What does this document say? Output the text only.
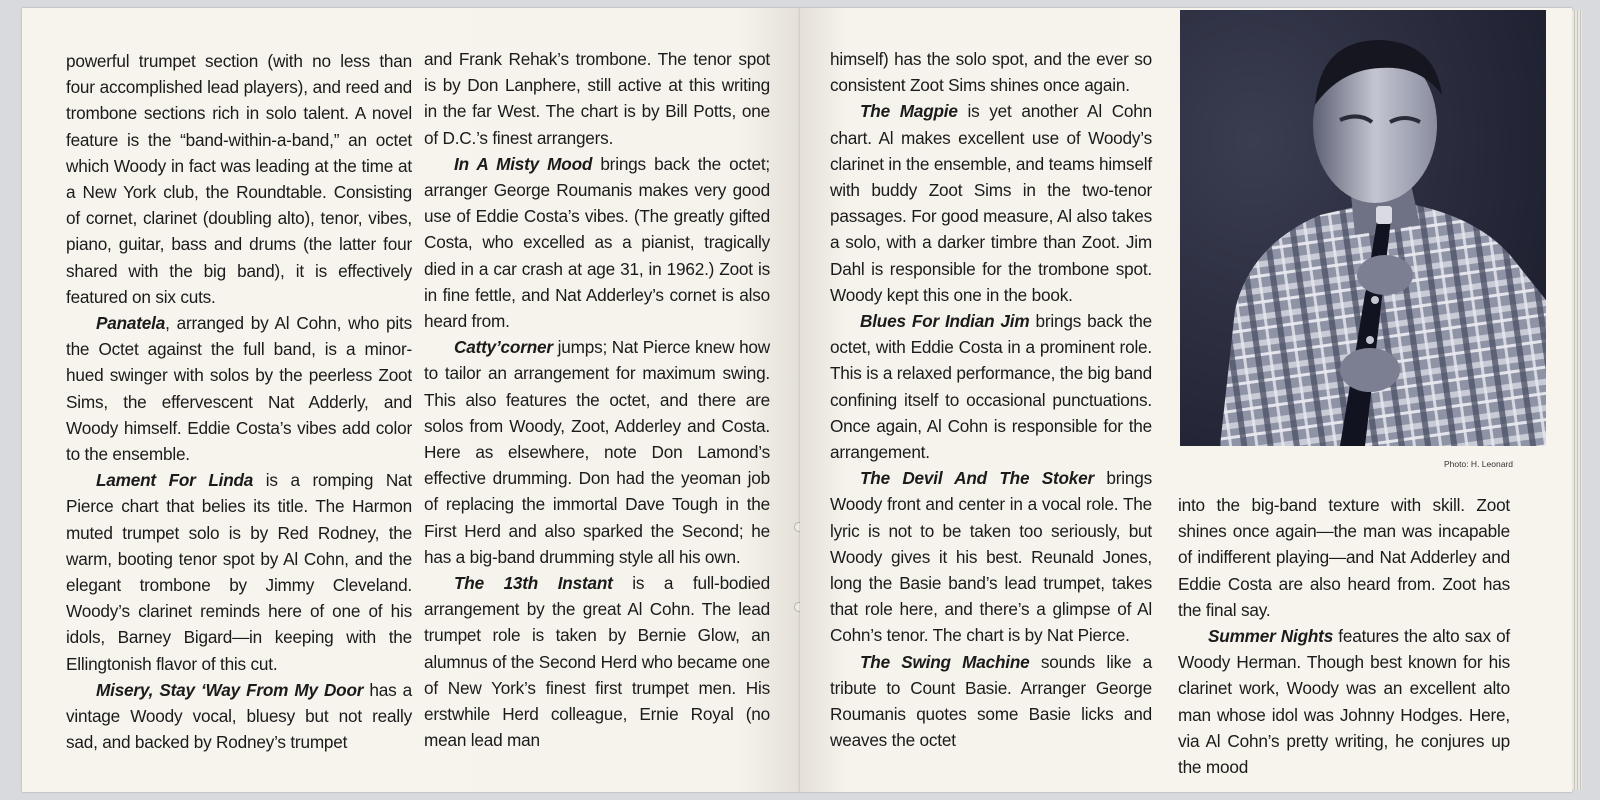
powerful trumpet section (with no less than four accomplished lead players), and reed and trombone sections rich in solo talent. A novel feature is the “band-within-a-band,” an octet which Woody in fact was leading at the time at a New York club, the Roundtable. Consisting of cornet, clarinet (doubling alto), tenor, vibes, piano, guitar, bass and drums (the latter four shared with the big band), it is effectively featured on six cuts.

Panatela, arranged by Al Cohn, who pits the Octet against the full band, is a minor-hued swinger with solos by the peerless Zoot Sims, the effervescent Nat Adderly, and Woody himself. Eddie Costa’s vibes add color to the ensemble.

Lament For Linda is a romping Nat Pierce chart that belies its title. The Harmon muted trumpet solo is by Red Rodney, the warm, booting tenor spot by Al Cohn, and the elegant trombone by Jimmy Cleveland. Woody’s clarinet reminds here of one of his idols, Barney Bigard—in keeping with the Ellingtonish flavor of this cut.

Misery, Stay ‘Way From My Door has a vintage Woody vocal, bluesy but not really sad, and backed by Rodney’s trumpet

and Frank Rehak’s trombone. The tenor spot is by Don Lanphere, still active at this writing in the far West. The chart is by Bill Potts, one of D.C.’s finest arrangers.

In A Misty Mood brings back the octet; arranger George Roumanis makes very good use of Eddie Costa’s vibes. (The greatly gifted Costa, who excelled as a pianist, tragically died in a car crash at age 31, in 1962.) Zoot is in fine fettle, and Nat Adderley’s cornet is also heard from.

Catty’corner jumps; Nat Pierce knew how to tailor an arrangement for maximum swing. This also features the octet, and there are solos from Woody, Zoot, Adderley and Costa. Here as elsewhere, note Don Lamond’s effective drumming. Don had the yeoman job of replacing the immortal Dave Tough in the First Herd and also sparked the Second; he has a big-band drumming style all his own.

The 13th Instant is a full-bodied arrangement by the great Al Cohn. The lead trumpet role is taken by Bernie Glow, an alumnus of the Second Herd who became one of New York’s finest first trumpet men. His erstwhile Herd colleague, Ernie Royal (no mean lead man

himself) has the solo spot, and the ever so consistent Zoot Sims shines once again.

The Magpie is yet another Al Cohn chart. Al makes excellent use of Woody’s clarinet in the ensemble, and teams himself with buddy Zoot Sims in the two-tenor passages. For good measure, Al also takes a solo, with a darker timbre than Zoot. Jim Dahl is responsible for the trombone spot. Woody kept this one in the book.

Blues For Indian Jim brings back the octet, with Eddie Costa in a prominent role. This is a relaxed performance, the big band confining itself to occasional punctuations. Once again, Al Cohn is responsible for the arrangement.

The Devil And The Stoker brings Woody front and center in a vocal role. The lyric is not to be taken too seriously, but Woody gives it his best. Reunald Jones, long the Basie band’s lead trumpet, takes that role here, and there’s a glimpse of Al Cohn’s tenor. The chart is by Nat Pierce.

The Swing Machine sounds like a tribute to Count Basie. Arranger George Roumanis quotes some Basie licks and weaves the octet

Photo: H. Leonard

into the big-band texture with skill. Zoot shines once again—the man was incapable of indifferent playing—and Nat Adderley and Eddie Costa are also heard from. Zoot has the final say.

Summer Nights features the alto sax of Woody Herman. Though best known for his clarinet work, Woody was an excellent alto man whose idol was Johnny Hodges. Here, via Al Cohn’s pretty writing, he conjures up the mood
